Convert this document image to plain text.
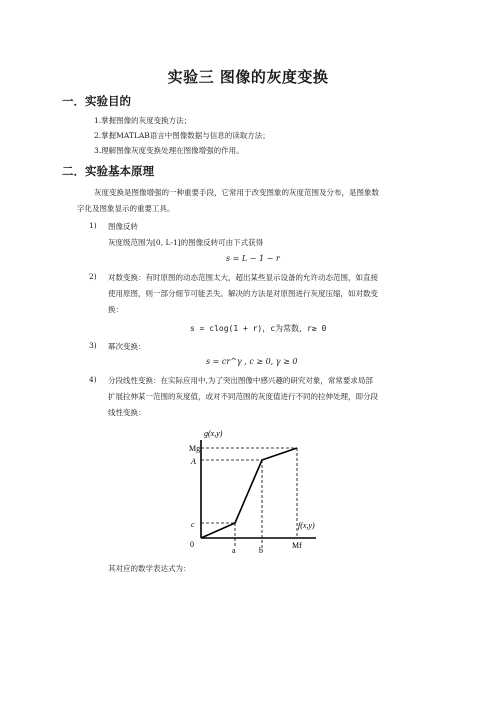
实验三 图像的灰度变换
一．实验目的
1.掌握图像的灰度变换方法；
2.掌握MATLAB语言中图像数据与信息的读取方法；
3.理解图像灰度变换处理在图像增强的作用。
二．实验基本原理
灰度变换是图像增强的一种重要手段，它常用于改变图象的灰度范围及分布，是图象数
字化及图象显示的重要工具。
1) 图像反转
灰度级范围为[0, L-1]的图像反转可由下式获得
s = L − 1 − r
2) 对数变换：有时原图的动态范围太大，超出某些显示设备的允许动态范围，如直接
使用原图，则一部分细节可能丢失。解决的方法是对原图进行灰度压缩，如对数变
换：
s = clog(1 + r)，c为常数，r≥ 0
3) 幂次变换：
s = cr^γ , c ≥ 0, γ ≥ 0
4) 分段线性变换：在实际应用中,为了突出图像中感兴趣的研究对象，常常要求局部
扩展拉伸某一范围的灰度值，或对不同范围的灰度值进行不同的拉伸处理，即分段
线性变换：
g(x,y)
Mg
A
c
0
f(x,y)
Mf
a	b
其对应的数学表达式为：
